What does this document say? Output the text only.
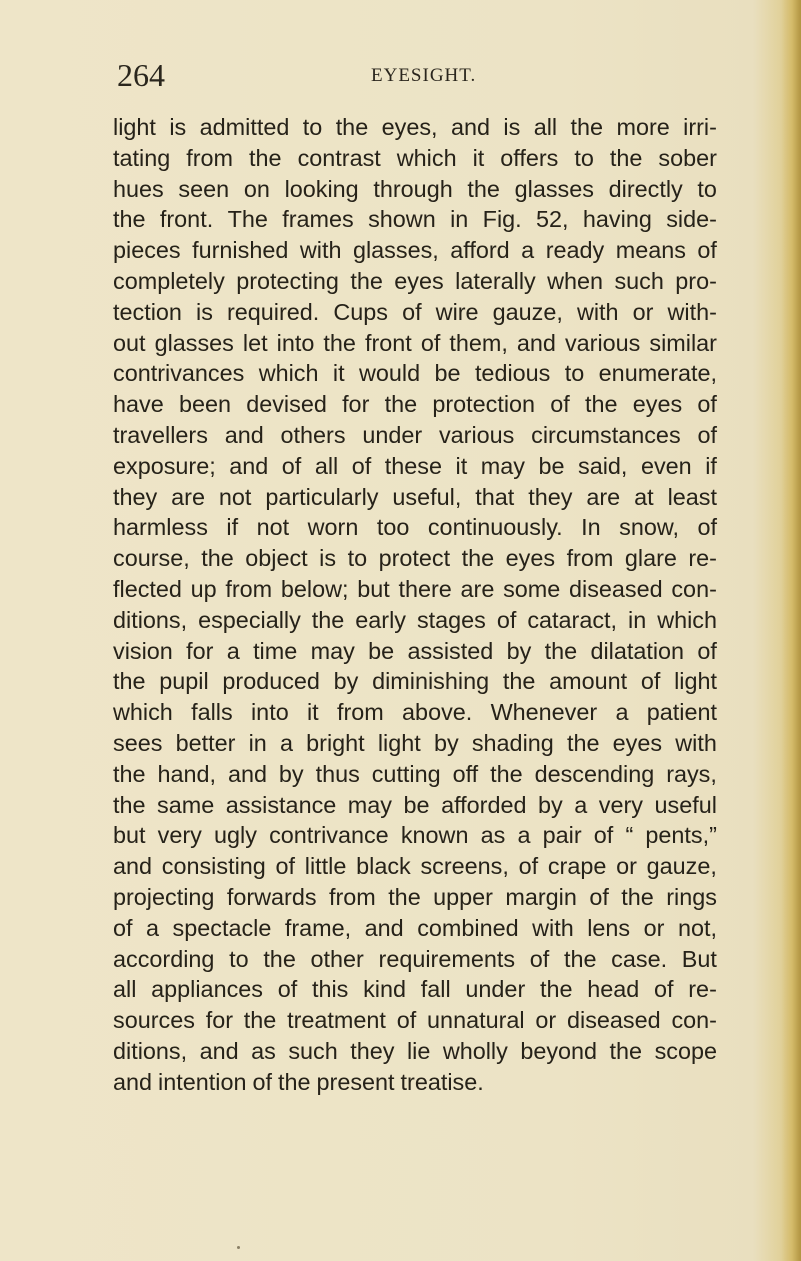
264	EYESIGHT.
light is admitted to the eyes, and is all the more irri-
tating from the contrast which it offers to the sober
hues seen on looking through the glasses directly to
the front. The frames shown in Fig. 52, having side-
pieces furnished with glasses, afford a ready means of
completely protecting the eyes laterally when such pro-
tection is required. Cups of wire gauze, with or with-
out glasses let into the front of them, and various similar
contrivances which it would be tedious to enumerate,
have been devised for the protection of the eyes of
travellers and others under various circumstances of
exposure; and of all of these it may be said, even if
they are not particularly useful, that they are at least
harmless if not worn too continuously. In snow, of
course, the object is to protect the eyes from glare re-
flected up from below; but there are some diseased con-
ditions, especially the early stages of cataract, in which
vision for a time may be assisted by the dilatation of
the pupil produced by diminishing the amount of light
which falls into it from above. Whenever a patient
sees better in a bright light by shading the eyes with
the hand, and by thus cutting off the descending rays,
the same assistance may be afforded by a very useful
but very ugly contrivance known as a pair of “ pents,”
and consisting of little black screens, of crape or gauze,
projecting forwards from the upper margin of the rings
of a spectacle frame, and combined with lens or not,
according to the other requirements of the case. But
all appliances of this kind fall under the head of re-
sources for the treatment of unnatural or diseased con-
ditions, and as such they lie wholly beyond the scope
and intention of the present treatise.
